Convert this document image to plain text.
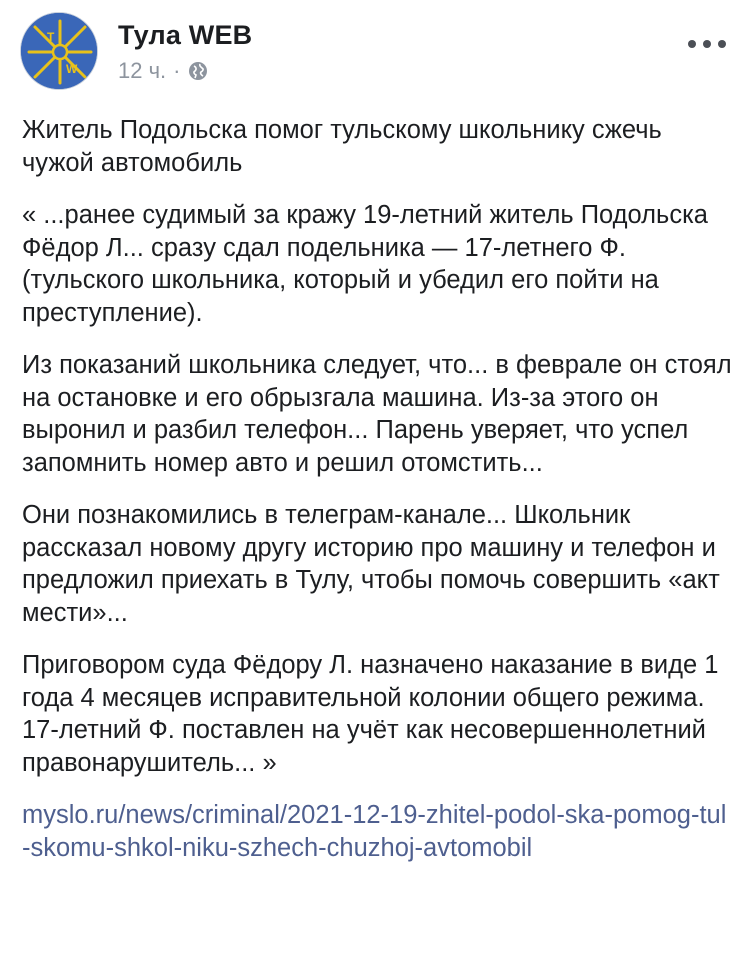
T
W
Тула WEB
12 ч. ·

Житель Подольска помог тульскому школьнику сжечь чужой автомобиль

« ...ранее судимый за кражу 19-летний житель Подольска Фёдор Л... сразу сдал подельника — 17-летнего Ф. (тульского школьника, который и убедил его пойти на преступление).

Из показаний школьника следует, что... в феврале он стоял на остановке и его обрызгала машина. Из-за этого он выронил и разбил телефон... Парень уверяет, что успел запомнить номер авто и решил отомстить...

Они познакомились в телеграм-канале... Школьник рассказал новому другу историю про машину и телефон и предложил приехать в Тулу, чтобы помочь совершить «акт мести»...

Приговором суда Фёдору Л. назначено наказание в виде 1 года 4 месяцев исправительной колонии общего режима. 17-летний Ф. поставлен на учёт как несовершеннолетний правонарушитель... »

myslo.ru/news/criminal/2021-12-19-zhitel-podol-ska-pomog-tul-skomu-shkol-niku-szhech-chuzhoj-avtomobil
